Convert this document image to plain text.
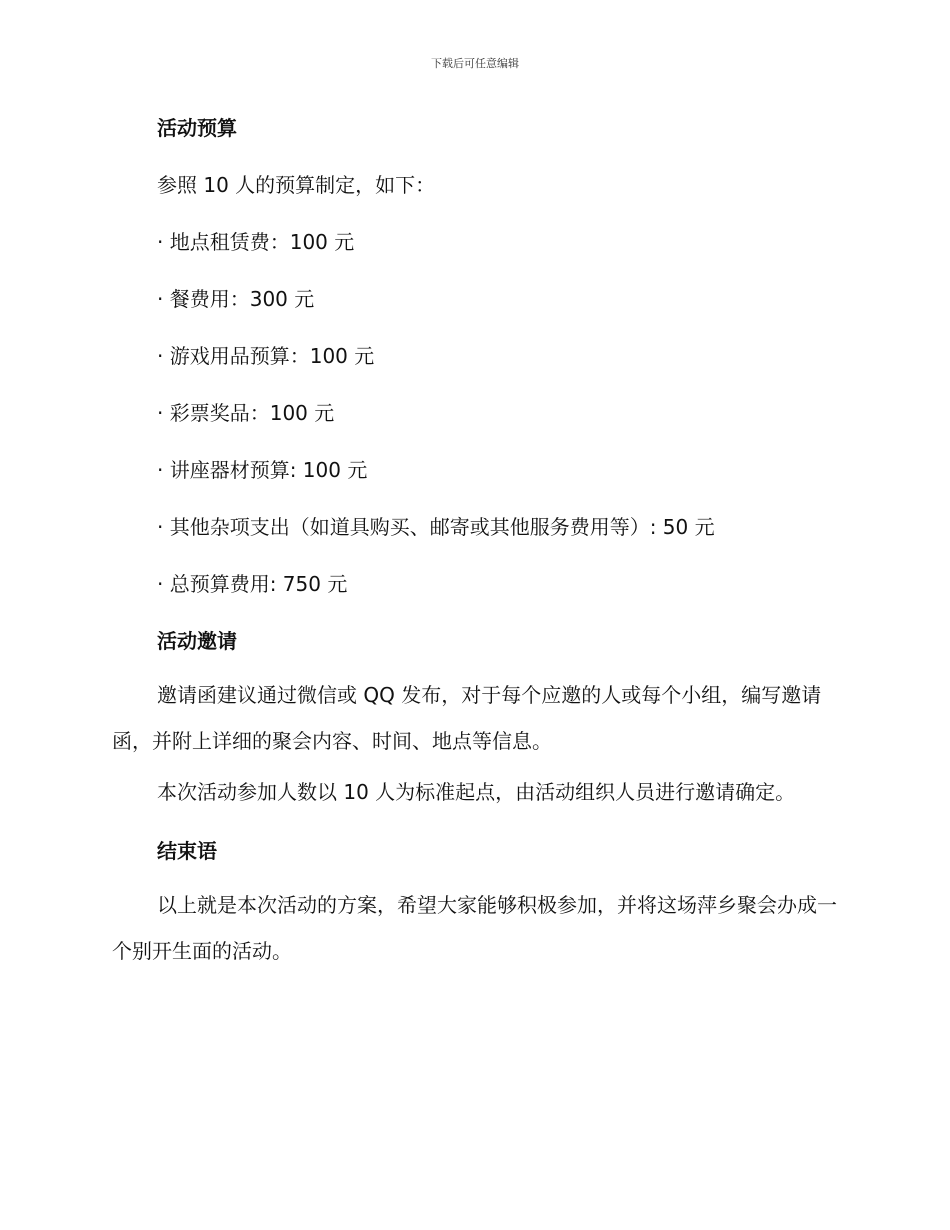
下载后可任意编辑
活动预算
参照 10 人的预算制定，如下：
· 地点租赁费：100 元
· 餐费用：300 元
· 游戏用品预算：100 元
· 彩票奖品：100 元
· 讲座器材预算: 100 元
· 其他杂项支出（如道具购买、邮寄或其他服务费用等）: 50 元
· 总预算费用: 750 元
活动邀请

邀请函建议通过微信或 QQ 发布，对于每个应邀的人或每个小组，编写邀请函，并附上详细的聚会内容、时间、地点等信息。

本次活动参加人数以 10 人为标准起点，由活动组织人员进行邀请确定。

结束语

以上就是本次活动的方案，希望大家能够积极参加，并将这场萍乡聚会办成一个别开生面的活动。
